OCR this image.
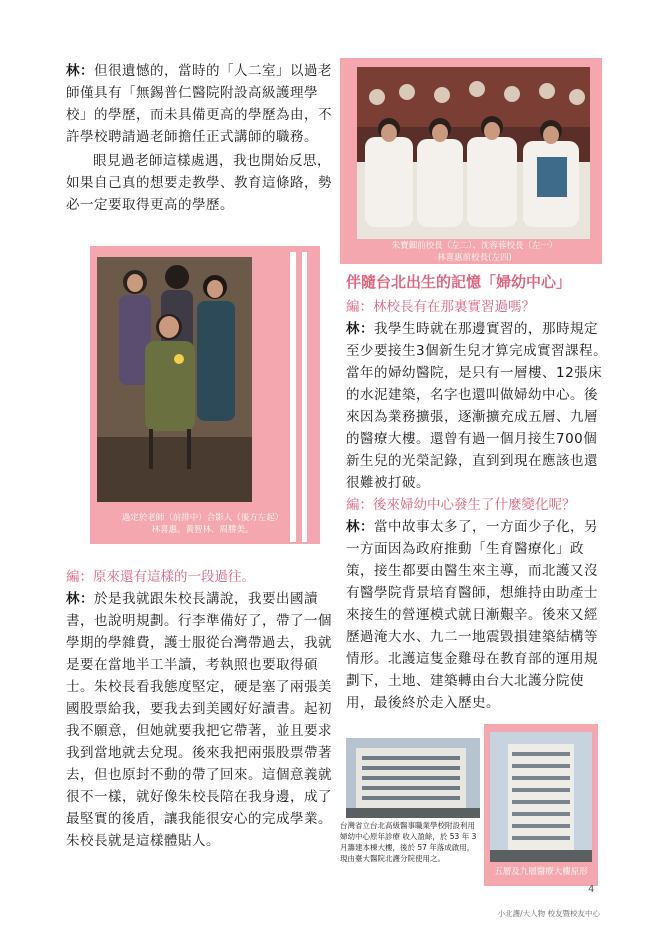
林：但很遺憾的，當時的「人二室」以過老師僅具有「無錫普仁醫院附設高級護理學校」的學歷，而未具備更高的學歷為由，不許學校聘請過老師擔任正式講師的職務。

眼見過老師這樣處遇，我也開始反思，如果自己真的想要走教學、教育這條路，勢必一定要取得更高的學歷。

過定於老師（前排中）合影人（後方左起）
林喜惠、黃智林、周勝美。

編：原來還有這樣的一段過往。

林：於是我就跟朱校長講說，我要出國讀書，也說明規劃。行李準備好了，帶了一個學期的學雜費，護士服從台灣帶過去，我就是要在當地半工半讀，考執照也要取得碩士。朱校長看我態度堅定，硬是塞了兩張美國股票給我，要我去到美國好好讀書。起初我不願意，但她就要我把它帶著，並且要求我到當地就去兌現。後來我把兩張股票帶著去，但也原封不動的帶了回來。這個意義就很不一樣，就好像朱校長陪在我身邊，成了最堅實的後盾，讓我能很安心的完成學業。朱校長就是這樣體貼人。

朱寶鈿前校長（左二）、沈蓉蓉校長（左一）
林喜惠前校長(左四)
伴隨台北出生的記憶「婦幼中心」

編：林校長有在那裏實習過嗎？

林：我學生時就在那邊實習的，那時規定至少要接生3個新生兒才算完成實習課程。當年的婦幼醫院，是只有一層樓、12張床的水泥建築，名字也還叫做婦幼中心。後來因為業務擴張，逐漸擴充成五層、九層的醫療大樓。還曾有過一個月接生700個新生兒的光榮記錄，直到到現在應該也還很難被打破。

編：後來婦幼中心發生了什麼變化呢？

林：當中故事太多了，一方面少子化，另一方面因為政府推動「生育醫療化」政策，接生都要由醫生來主導，而北護又沒有醫學院背景培育醫師，想維持由助產士來接生的營運模式就日漸艱辛。後來又經歷過淹大水、九二一地震毀損建築結構等情形。北護這隻金雞母在教育部的運用規劃下，土地、建築轉由台大北護分院使用，最後終於走入歷史。

台灣省立台北高級醫事職業學校附設利用婦幼中心原年診療 收入盈餘，於 53 年 3 月籌建本棟大樓，後於 57 年落成啟用，現由臺大醫院北護分院使用之。
五層及九層醫療大樓原形
4
小北護/大人物 校友暨校友中心
